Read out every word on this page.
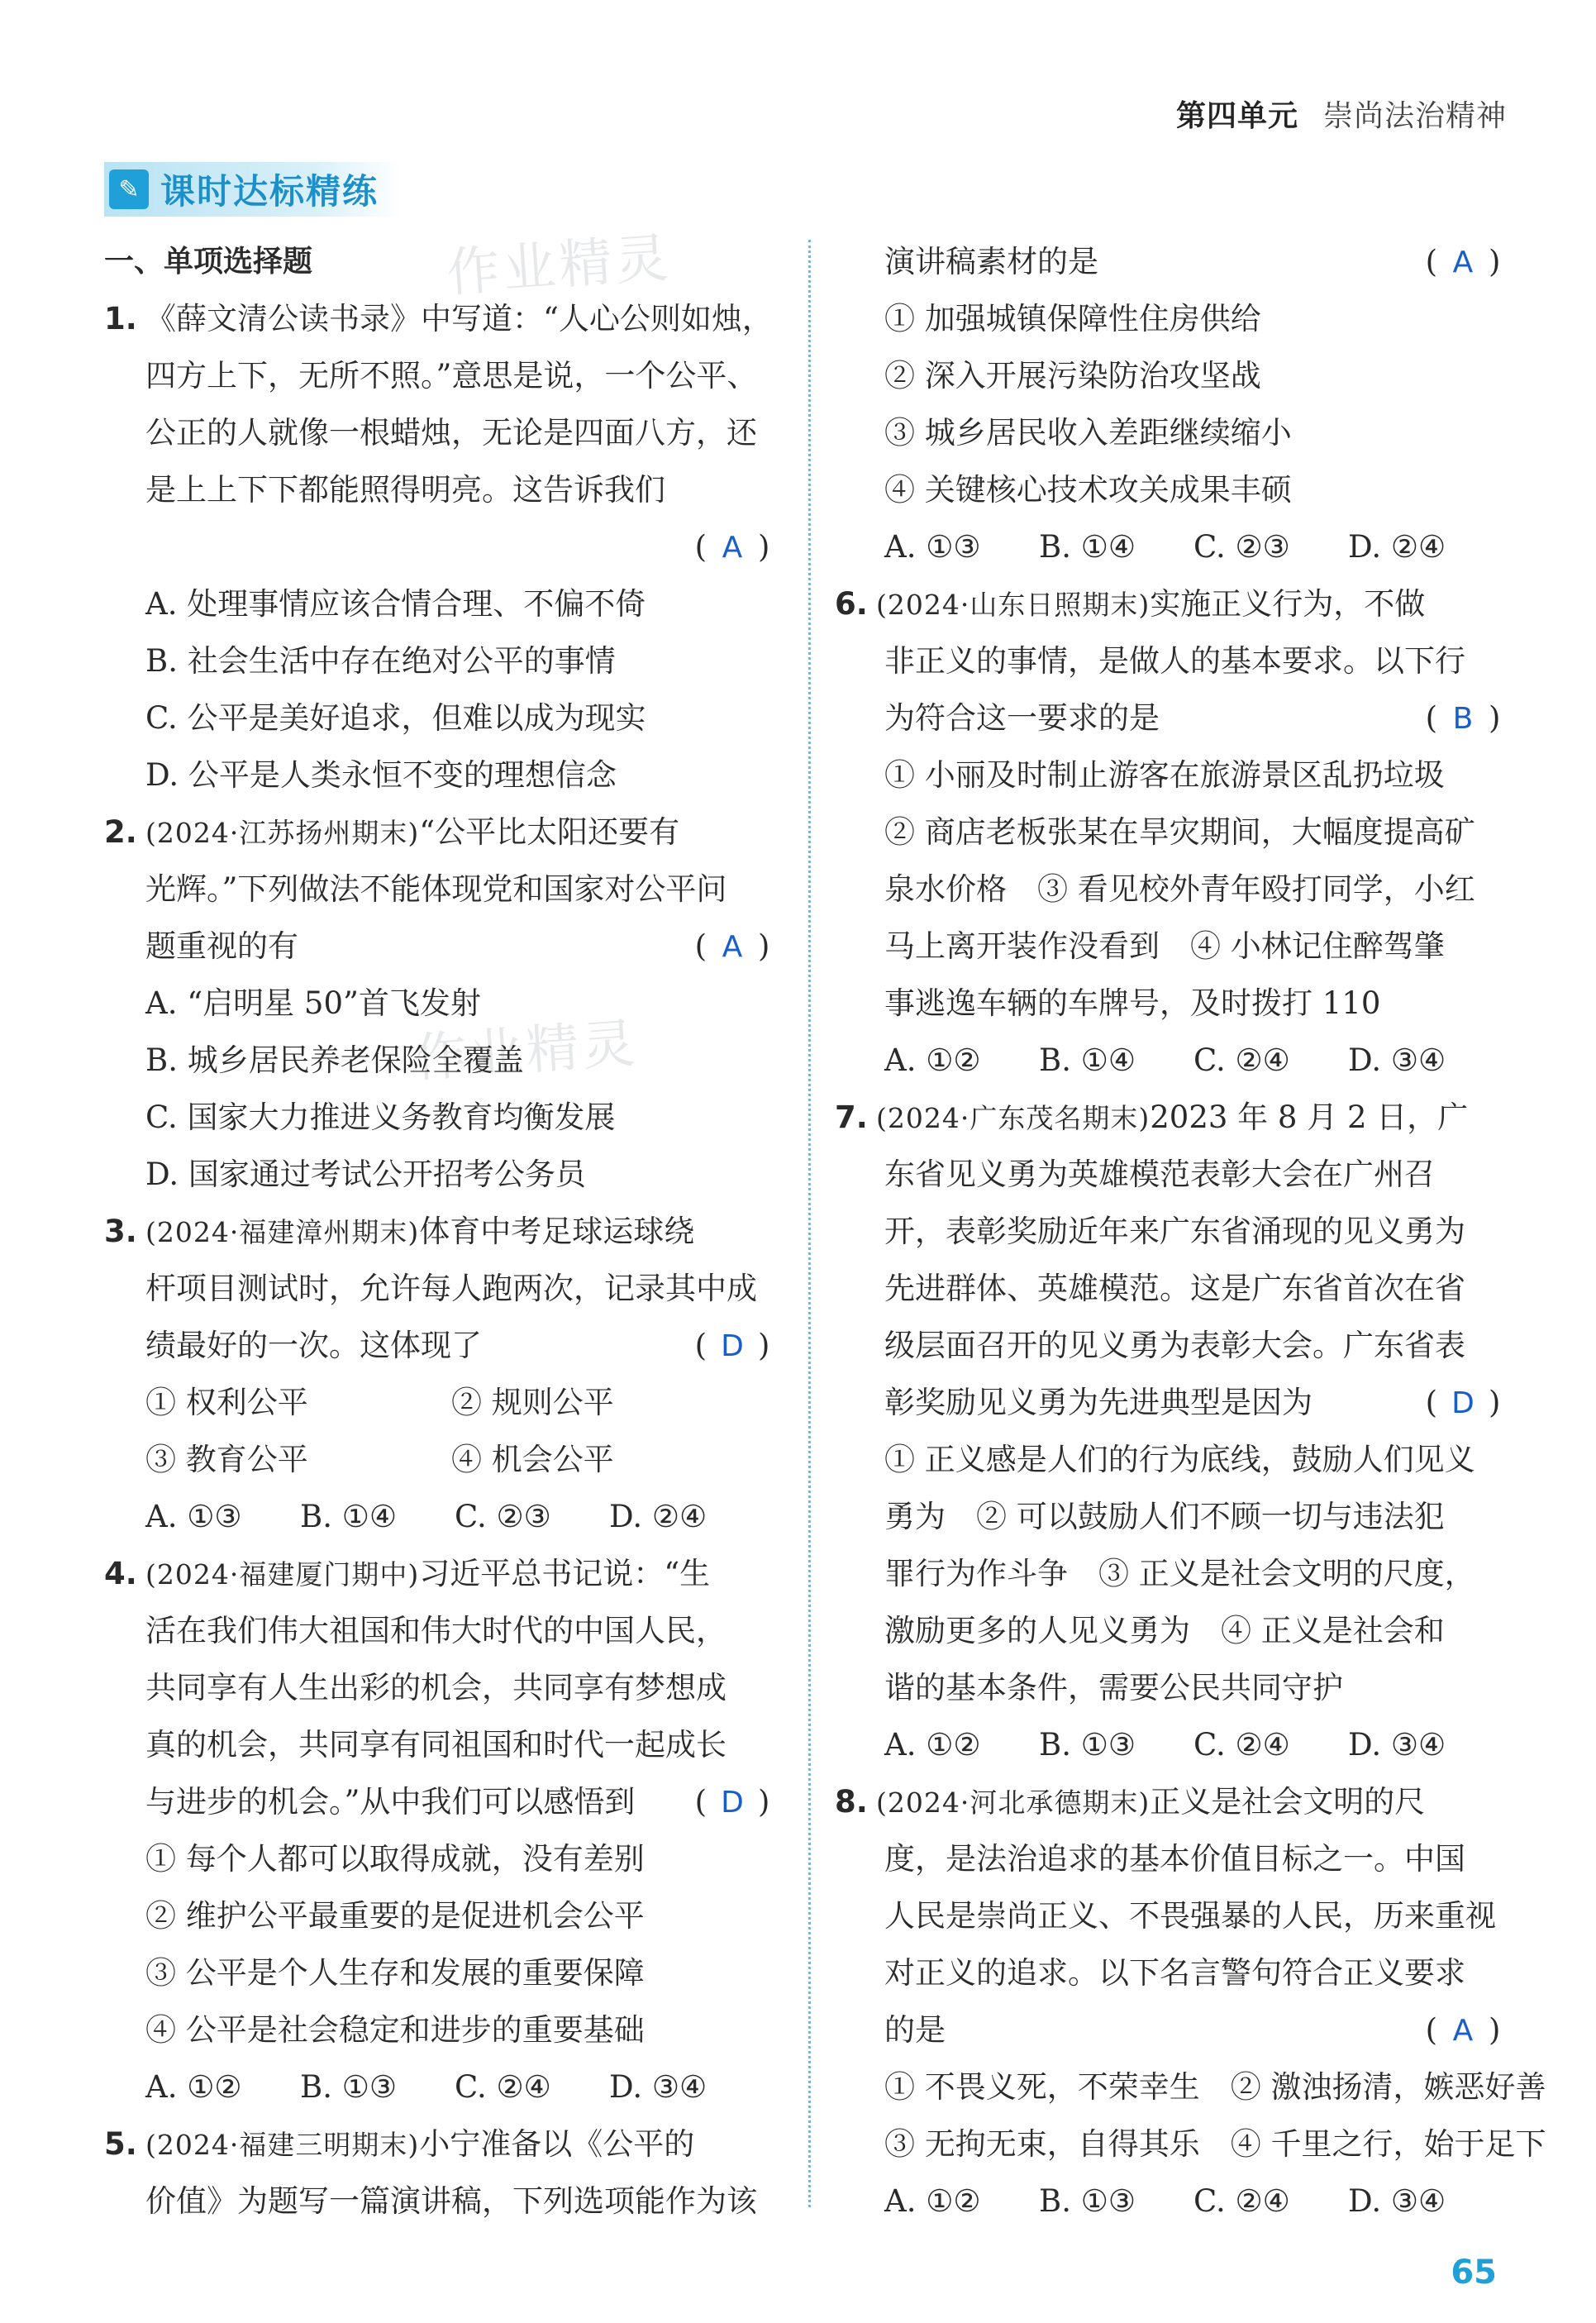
第四单元 崇尚法治精神
✎ 课时达标精练
作业精灵
作业精灵
一、单项选择题
1. 《薛文清公读书录》中写道：“人心公则如烛，
四方上下，无所不照。”意思是说，一个公平、
公正的人就像一根蜡烛，无论是四面八方，还
是上上下下都能照得明亮。这告诉我们
( A )
A. 处理事情应该合情合理、不偏不倚
B. 社会生活中存在绝对公平的事情
C. 公平是美好追求，但难以成为现实
D. 公平是人类永恒不变的理想信念
2. (2024·江苏扬州期末)“公平比太阳还要有
光辉。”下列做法不能体现党和国家对公平问
题重视的有	( A )
A. “启明星 50”首飞发射
B. 城乡居民养老保险全覆盖
C. 国家大力推进义务教育均衡发展
D. 国家通过考试公开招考公务员
3. (2024·福建漳州期末)体育中考足球运球绕
杆项目测试时，允许每人跑两次，记录其中成
绩最好的一次。这体现了	( D )
① 权利公平	② 规则公平
③ 教育公平	④ 机会公平
A. ①③ B. ①④ C. ②③ D. ②④
4. (2024·福建厦门期中)习近平总书记说：“生
活在我们伟大祖国和伟大时代的中国人民，
共同享有人生出彩的机会，共同享有梦想成
真的机会，共同享有同祖国和时代一起成长
与进步的机会。”从中我们可以感悟到	( D )
① 每个人都可以取得成就，没有差别
② 维护公平最重要的是促进机会公平
③ 公平是个人生存和发展的重要保障
④ 公平是社会稳定和进步的重要基础
A. ①② B. ①③ C. ②④ D. ③④
5. (2024·福建三明期末)小宁准备以《公平的
价值》为题写一篇演讲稿，下列选项能作为该
演讲稿素材的是	( A )
① 加强城镇保障性住房供给
② 深入开展污染防治攻坚战
③ 城乡居民收入差距继续缩小
④ 关键核心技术攻关成果丰硕
A. ①③ B. ①④ C. ②③ D. ②④
6. (2024·山东日照期末)实施正义行为，不做
非正义的事情，是做人的基本要求。以下行
为符合这一要求的是	( B )
① 小丽及时制止游客在旅游景区乱扔垃圾
② 商店老板张某在旱灾期间，大幅度提高矿
泉水价格　③ 看见校外青年殴打同学，小红
马上离开装作没看到　④ 小林记住醉驾肇
事逃逸车辆的车牌号，及时拨打 110
A. ①② B. ①④ C. ②④ D. ③④
7. (2024·广东茂名期末)2023 年 8 月 2 日，广
东省见义勇为英雄模范表彰大会在广州召
开，表彰奖励近年来广东省涌现的见义勇为
先进群体、英雄模范。这是广东省首次在省
级层面召开的见义勇为表彰大会。广东省表
彰奖励见义勇为先进典型是因为	( D )
① 正义感是人们的行为底线，鼓励人们见义
勇为　② 可以鼓励人们不顾一切与违法犯
罪行为作斗争　③ 正义是社会文明的尺度，
激励更多的人见义勇为　④ 正义是社会和
谐的基本条件，需要公民共同守护
A. ①② B. ①③ C. ②④ D. ③④
8. (2024·河北承德期末)正义是社会文明的尺
度，是法治追求的基本价值目标之一。中国
人民是崇尚正义、不畏强暴的人民，历来重视
对正义的追求。以下名言警句符合正义要求
的是	( A )
① 不畏义死，不荣幸生　② 激浊扬清，嫉恶好善
③ 无拘无束，自得其乐　④ 千里之行，始于足下
A. ①② B. ①③ C. ②④ D. ③④
65
